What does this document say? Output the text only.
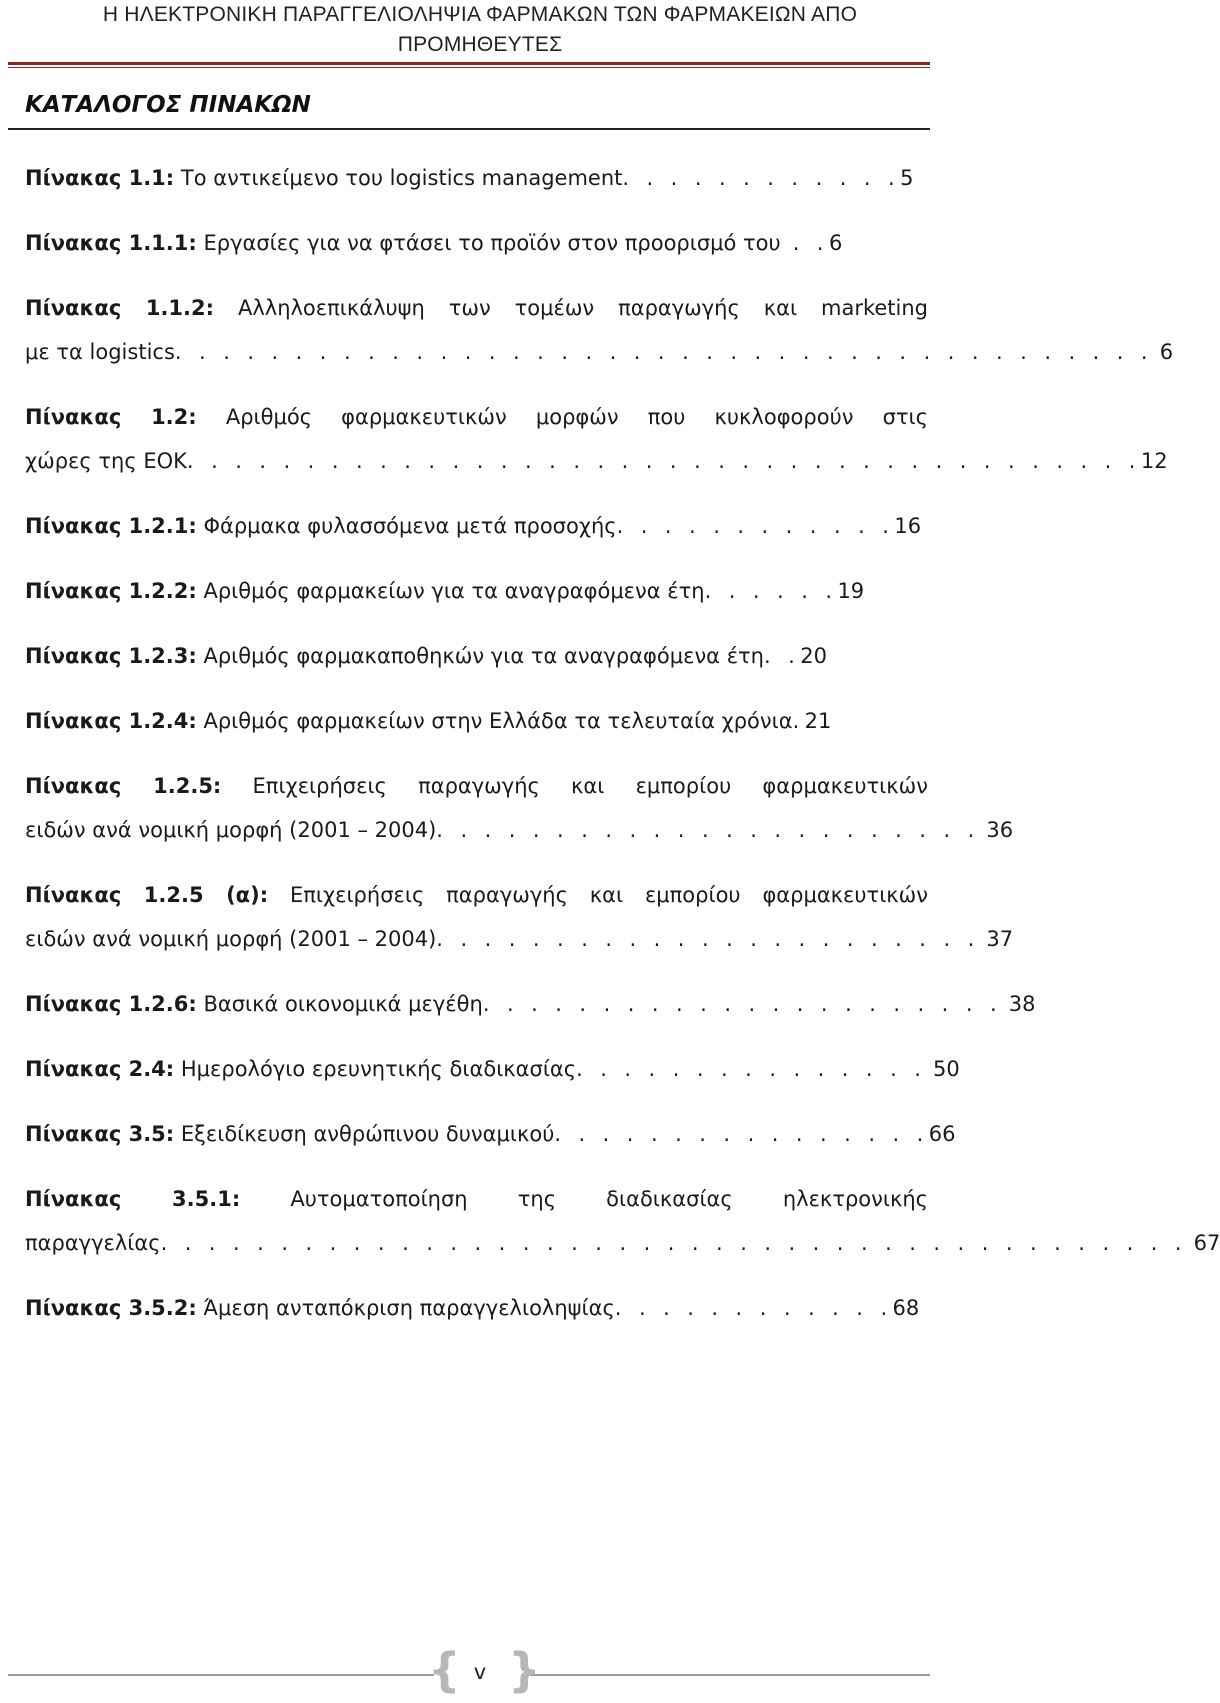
Η ΗΛΕΚΤΡΟΝΙΚΗ ΠΑΡΑΓΓΕΛΙΟΛΗΨΙΑ ΦΑΡΜΑΚΩΝ ΤΩΝ ΦΑΡΜΑΚΕΙΩΝ ΑΠΟ
ΠΡΟΜΗΘΕΥΤΕΣ
ΚΑΤΑΛΟΓΟΣ ΠΙΝΑΚΩΝ
Πίνακας 1.1: Το αντικείμενο του logistics management. . . . . . . . . . . .5
Πίνακας 1.1.1: Εργασίες για να φτάσει το προϊόν στον προορισμό του . .6
Πίνακας 1.1.2: Αλληλοεπικάλυψη των τομέων παραγωγής και marketing
με τα logistics. . . . . . . . . . . . . . . . . . . . . . . . . . . . . . . . . . . . . . . . . 6
Πίνακας 1.2: Αριθμός φαρμακευτικών μορφών που κυκλοφορούν στις
χώρες της ΕΟΚ. . . . . . . . . . . . . . . . . . . . . . . . . . . . . . . . . . . . . . . .12
Πίνακας 1.2.1: Φάρμακα φυλασσόμενα μετά προσοχής. . . . . . . . . . . .16
Πίνακας 1.2.2: Αριθμός φαρμακείων για τα αναγραφόμενα έτη. . . . . .19
Πίνακας 1.2.3: Αριθμός φαρμακαποθηκών για τα αναγραφόμενα έτη. .20
Πίνακας 1.2.4: Αριθμός φαρμακείων στην Ελλάδα τα τελευταία χρόνια.21
Πίνακας 1.2.5: Επιχειρήσεις παραγωγής και εμπορίου φαρμακευτικών
ειδών ανά νομική μορφή (2001 – 2004). . . . . . . . . . . . . . . . . . . . . . . 36
Πίνακας 1.2.5 (α): Επιχειρήσεις παραγωγής και εμπορίου φαρμακευτικών
ειδών ανά νομική μορφή (2001 – 2004). . . . . . . . . . . . . . . . . . . . . . . 37
Πίνακας 1.2.6: Βασικά οικονομικά μεγέθη. . . . . . . . . . . . . . . . . . . . . . 38
Πίνακας 2.4: Ημερολόγιο ερευνητικής διαδικασίας. . . . . . . . . . . . . . . 50
Πίνακας 3.5: Εξειδίκευση ανθρώπινου δυναμικού. . . . . . . . . . . . . . . .66
Πίνακας 3.5.1: Αυτοματοποίηση της διαδικασίας ηλεκτρονικής
παραγγελίας. . . . . . . . . . . . . . . . . . . . . . . . . . . . . . . . . . . . . . . . . . . 67
Πίνακας 3.5.2: Άμεση ανταπόκριση παραγγελιοληψίας. . . . . . . . . . . .68
{ }
v
